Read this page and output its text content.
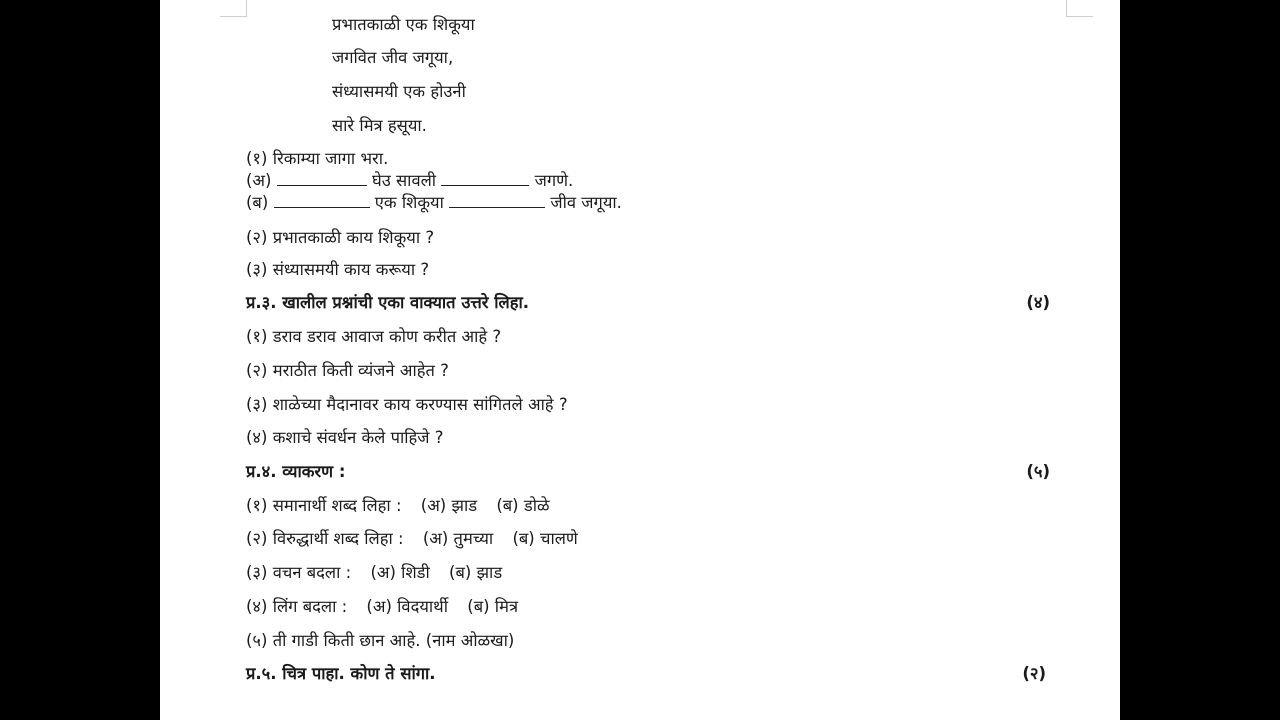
प्रभातकाळी एक शिकूया
जगवित जीव जगूया,
संध्यासमयी एक होउनी
सारे मित्र हसूया.
(१) रिकाम्या जागा भरा.
(अ)	घेउ सावली	जगणे.
(ब)	एक शिकूया	जीव जगूया.
(२) प्रभातकाळी काय शिकूया ?
(३) संध्यासमयी काय करूया ?
प्र.३. खालील प्रश्नांची एका वाक्यात उत्तरे लिहा.	(४)
(१) डराव डराव आवाज कोण करीत आहे ?
(२) मराठीत किती व्यंजने आहेत ?
(३) शाळेच्या मैदानावर काय करण्यास सांगितले आहे ?
(४) कशाचे संवर्धन केले पाहिजे ?
प्र.४. व्याकरण :	(५)
(१) समानार्थी शब्द लिहा : (अ) झाड (ब) डोळे
(२) विरुद्धार्थी शब्द लिहा : (अ) तुमच्या (ब) चालणे
(३) वचन बदला : (अ) शिडी (ब) झाड
(४) लिंग बदला : (अ) विदयार्थी (ब) मित्र
(५) ती गाडी किती छान आहे. (नाम ओळखा)
प्र.५. चित्र पाहा. कोण ते सांगा.	(२)
